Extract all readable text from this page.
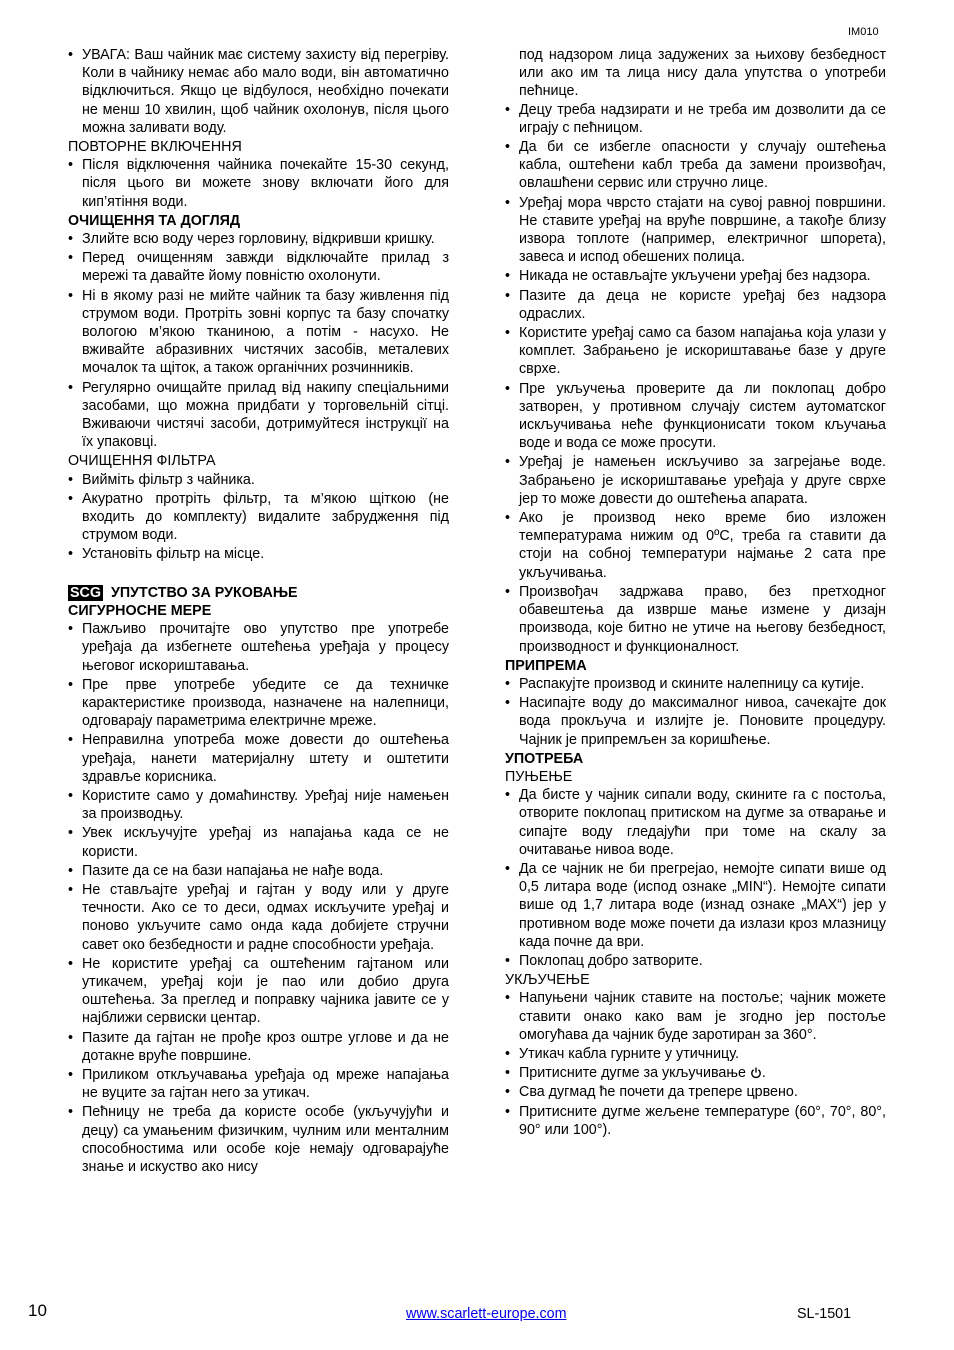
IM010
• УВАГА: Ваш чайник має систему захисту від перегріву. Коли в чайнику немає або мало води, він автоматично відключиться. Якщо це відбулося, необхідно почекати не менш 10 хвилин, щоб чайник охолонув, після цього можна заливати воду.

ПОВТОРНЕ ВКЛЮЧЕННЯ

• Після відключення чайника почекайте 15-30 секунд, після цього ви можете знову включати його для кип’ятіння води.

ОЧИЩЕННЯ ТА ДОГЛЯД

• Злийте всю воду через горловину, відкривши кришку.
• Перед очищенням завжди відключайте прилад з мережі та давайте йому повністю охолонути.
• Ні в якому разі не мийте чайник та базу живлення під струмом води. Протріть зовні корпус та базу спочатку вологою м’якою тканиною, а потім - насухо. Не вживайте абразивних чистячих засобів, металевих мочалок та щіток, а також органічних розчинників.
• Регулярно очищайте прилад від накипу спеціальними засобами, що можна придбати у торговельній сітці. Вживаючи чистячі засоби, дотримуйтеся інструкції на їх упаковці.

ОЧИЩЕННЯ ФІЛЬТРА

• Вийміть фільтр з чайника.
• Акуратно протріть фільтр, та м’якою щіткою (не входить до комплекту) видалите забрудження під струмом води.
• Установіть фільтр на місце.

SCG УПУТСТВО ЗА РУКОВАЊЕ

СИГУРНОСНЕ МЕРЕ

• Пажљиво прочитајте ово упутство пре употребе уређаја да избегнете оштећења уређаја у процесу његовог искориштавања.
• Пре прве употребе убедите се да техничке карактеристике производа, назначене на налепници, одговарају параметрима електричне мреже.
• Неправилна употреба може довести до оштећења уређаја, нанети материјалну штету и оштетити здравље корисника.
• Користите само у домаћинству. Уређај није намењен за производњу.
• Увек искључујте уређај из напајања када се не користи.
• Пазите да се на бази напајања не нађе вода.
• Не стављајте уређај и гајтан у воду или у друге течности. Ако се то деси, одмах искључите уређај и поново укључите само онда када добијете стручни савет око безбедности и радне способности уређаја.
• Не користите уређај са оштећеним гајтаном или утикачем, уређај који је пао или добио друга оштећења. За преглед и поправку чајника јавите се у најближи сервиски центар.
• Пазите да гајтан не прође кроз оштре углове и да не дотакне вруће површине.
• Приликом откључавања уређаја од мреже напајања не вуците за гајтан него за утикач.
• Пећницу не треба да користе особе (укључујући и децу) са умањеним физичким, чулним или менталним способностима или особе које немају одговарајуће знање и искуство ако нису

под надзором лица задужених за њихову безбедност или ако им та лица нису дала упутства о употреби пећнице.

• Децу треба надзирати и не треба им дозволити да се играју с пећницом.
• Да би се избегле опасности у случају оштећења кабла, оштећени кабл треба да замени произвођач, овлашћени сервис или стручно лице.
• Уређај мора чврсто стајати на сувој равној површини. Не ставите уређај на вруће површине, а такође близу извора топлоте (например, електричног шпорета), завеса и испод обешених полица.
• Никада не остављајте укључени уређај без надзора.
• Пазите да деца не користе уређај без надзора одраслих.
• Користите уређај само са базом напајања која улази у комплет. Забрањено је искориштавање базе у друге сврхе.
• Пре укључења проверите да ли поклопац добро затворен, у противном случају систем аутоматског искључивања неће функционисати током кључања воде и вода се може просути.
• Уређај је намењен искључиво за загрејање воде. Забрањено је искориштавање уређаја у друге сврхе јер то може довести до оштећења апарата.
• Ако је производ неко време био изложен температурама нижим од 0ºC, треба га ставити да стоји на собној температури најмање 2 сата пре укључивања.
• Произвођач задржава право, без претходног обавештења да изврше мање измене у дизајн производа, које битно не утиче на његову безбедност, производност и функционалност.

ПРИПРЕМА

• Распакујте производ и скините налепницу са кутије.
• Насипајте воду до максималног нивоа, сачекајте док вода прокључа и излијте је. Поновите процедуру. Чајник је припремљен за коришћење.

УПОТРЕБА

ПУЊЕЊЕ

• Да бисте у чајник сипали воду, скините га с постоља, отворите поклопац притиском на дугме за отварање и сипајте воду гледајући при томе на скалу за очитавање нивоа воде.
• Да се чајник не би прегрејао, немојте сипати више од 0,5 литара воде (испод ознаке „MIN“). Немојте сипати више од 1,7 литара воде (изнад ознаке „MAX“) јер у противном воде може почети да излази кроз млазницу када почне да ври.
• Поклопац добро затворите.

УКЉУЧЕЊЕ

• Напуњени чајник ставите на постоље; чајник можете ставити онако како вам је згодно јер постоље омогућава да чајник буде заротиран за 360°.
• Утикач кабла гурните у утичницу.
• Притисните дугме за укључивање .
• Сва дугмад ће почети да трепере црвено.
• Притисните дугме жељене температуре (60°, 70°, 80°, 90° или 100°).
10	www.scarlett-europe.com	SL-1501
